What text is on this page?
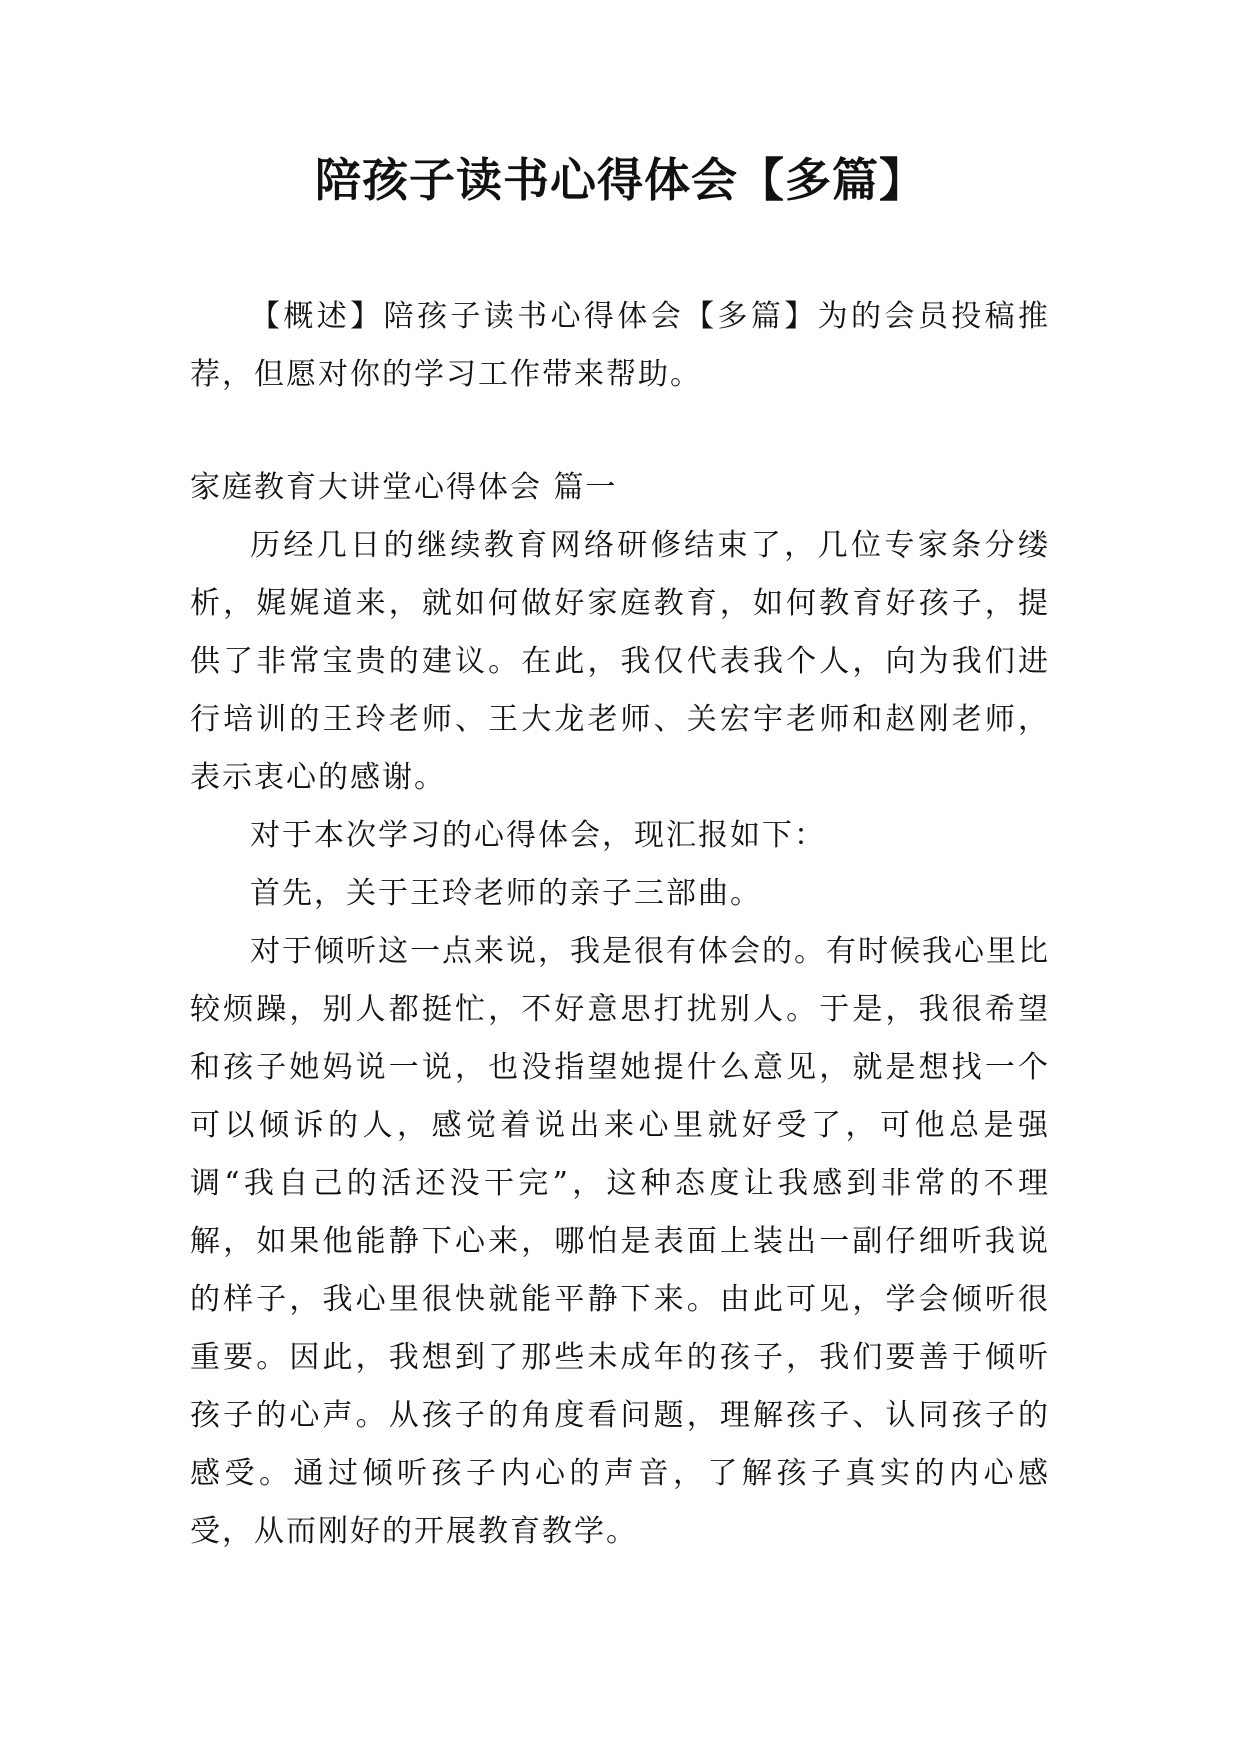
陪孩子读书心得体会【多篇】

【概述】陪孩子读书心得体会【多篇】为的会员投稿推荐，但愿对你的学习工作带来帮助。

家庭教育大讲堂心得体会 篇一

历经几日的继续教育网络研修结束了，几位专家条分缕析，娓娓道来，就如何做好家庭教育，如何教育好孩子，提供了非常宝贵的建议。在此，我仅代表我个人，向为我们进行培训的王玲老师、王大龙老师、关宏宇老师和赵刚老师，表示衷心的感谢。

对于本次学习的心得体会，现汇报如下：

首先，关于王玲老师的亲子三部曲。

对于倾听这一点来说，我是很有体会的。有时候我心里比较烦躁，别人都挺忙，不好意思打扰别人。于是，我很希望和孩子她妈说一说，也没指望她提什么意见，就是想找一个可以倾诉的人，感觉着说出来心里就好受了，可他总是强调“我自己的活还没干完”，这种态度让我感到非常的不理解，如果他能静下心来，哪怕是表面上装出一副仔细听我说的样子，我心里很快就能平静下来。由此可见，学会倾听很重要。因此，我想到了那些未成年的孩子，我们要善于倾听孩子的心声。从孩子的角度看问题，理解孩子、认同孩子的感受。通过倾听孩子内心的声音，了解孩子真实的内心感受，从而刚好的开展教育教学。
